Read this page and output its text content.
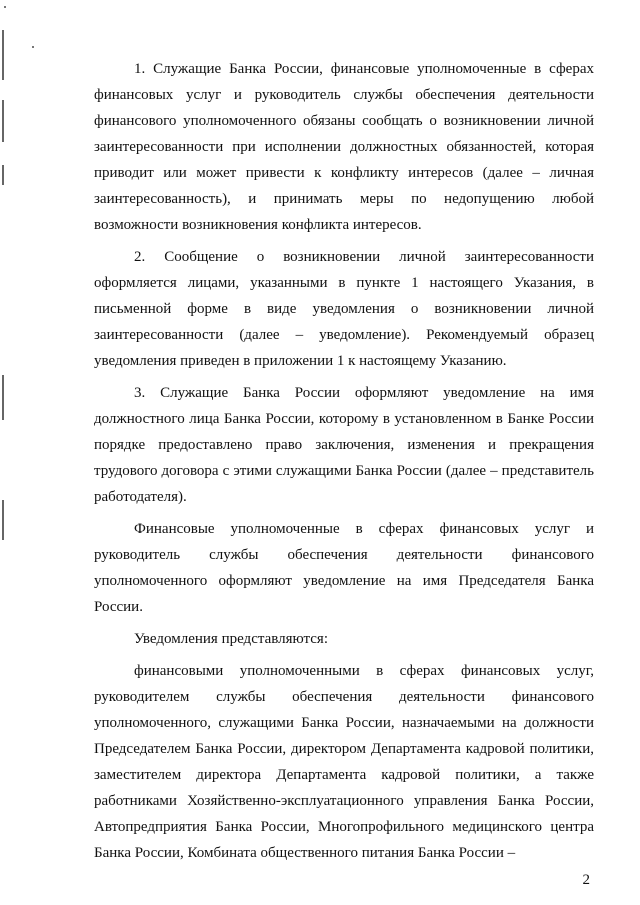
1. Служащие Банка России, финансовые уполномоченные в сферах финансовых услуг и руководитель службы обеспечения деятельности финансового уполномоченного обязаны сообщать о возникновении личной заинтересованности при исполнении должностных обязанностей, которая приводит или может привести к конфликту интересов (далее – личная заинтересованность), и принимать меры по недопущению любой возможности возникновения конфликта интересов.

2. Сообщение о возникновении личной заинтересованности оформляется лицами, указанными в пункте 1 настоящего Указания, в письменной форме в виде уведомления о возникновении личной заинтересованности (далее – уведомление). Рекомендуемый образец уведомления приведен в приложении 1 к настоящему Указанию.

3. Служащие Банка России оформляют уведомление на имя должностного лица Банка России, которому в установленном в Банке России порядке предоставлено право заключения, изменения и прекращения трудового договора с этими служащими Банка России (далее – представитель работодателя).

Финансовые уполномоченные в сферах финансовых услуг и руководитель службы обеспечения деятельности финансового уполномоченного оформляют уведомление на имя Председателя Банка России.

Уведомления представляются:

финансовыми уполномоченными в сферах финансовых услуг, руководителем службы обеспечения деятельности финансового уполномоченного, служащими Банка России, назначаемыми на должности Председателем Банка России, директором Департамента кадровой политики, заместителем директора Департамента кадровой политики, а также работниками Хозяйственно-эксплуатационного управления Банка России, Автопредприятия Банка России, Многопрофильного медицинского центра Банка России, Комбината общественного питания Банка России –

2
